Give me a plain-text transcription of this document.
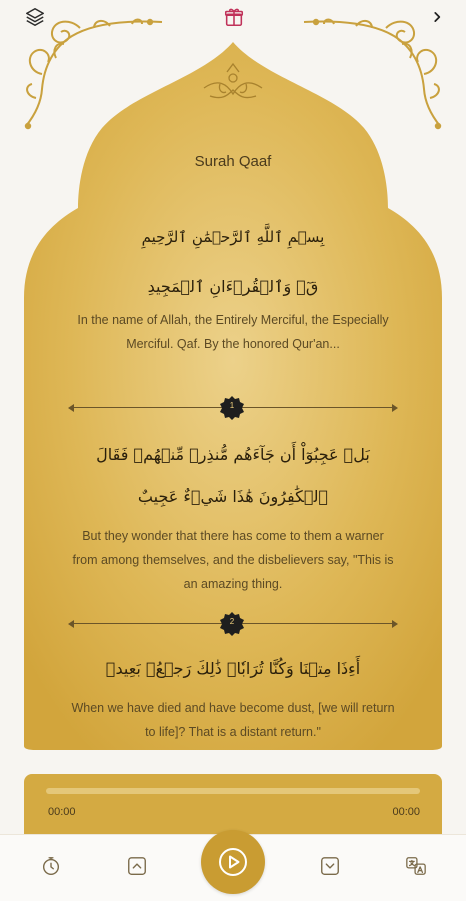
Surah Qaaf
بِسۡمِ ٱللَّهِ ٱلرَّحۡمَٰنِ ٱلرَّحِيمِ
قٓۚ وَٱلۡقُرۡءَانِ ٱلۡمَجِيدِ
In the name of Allah, the Entirely Merciful, the Especially Merciful. Qaf. By the honored Qur'an...
1
بَلۡ عَجِبُوٓاْ أَن جَآءَهُم مُّنذِرٞ مِّنۡهُمۡ فَقَالَ ٱلۡكَٰفِرُونَ هَٰذَا شَيۡءٌ عَجِيبٌ
But they wonder that there has come to them a warner from among themselves, and the disbelievers say, "This is an amazing thing.
2
أَءِذَا مِتۡنَا وَكُنَّا تُرَابٗاۖ ذَٰلِكَ رَجۡعُۢ بَعِيدٞ
When we have died and have become dust, [we will return to life]? That is a distant return."
00:00	00:00
